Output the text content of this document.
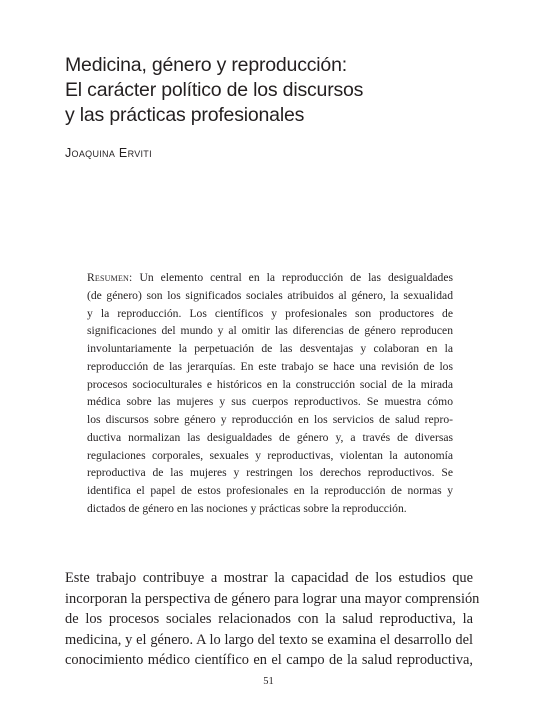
Medicina, género y reproducción:
El carácter político de los discursos
y las prácticas profesionales
Joaquina Erviti
Resumen: Un elemento central en la reproducción de las desigualdades
(de género) son los significados sociales atribuidos al género, la sexualidad
y la reproducción. Los científicos y profesionales son productores de
significaciones del mundo y al omitir las diferencias de género reproducen
involuntariamente la perpetuación de las desventajas y colaboran en la
reproducción de las jerarquías. En este trabajo se hace una revisión de los
procesos socioculturales e históricos en la construcción social de la mirada
médica sobre las mujeres y sus cuerpos reproductivos. Se muestra cómo
los discursos sobre género y reproducción en los servicios de salud repro-
ductiva normalizan las desigualdades de género y, a través de diversas
regulaciones corporales, sexuales y reproductivas, violentan la autonomía
reproductiva de las mujeres y restringen los derechos reproductivos. Se
identifica el papel de estos profesionales en la reproducción de normas y
dictados de género en las nociones y prácticas sobre la reproducción.
Este trabajo contribuye a mostrar la capacidad de los estudios que
incorporan la perspectiva de género para lograr una mayor comprensión
de los procesos sociales relacionados con la salud reproductiva, la
medicina, y el género. A lo largo del texto se examina el desarrollo del
conocimiento médico científico en el campo de la salud reproductiva,
51
